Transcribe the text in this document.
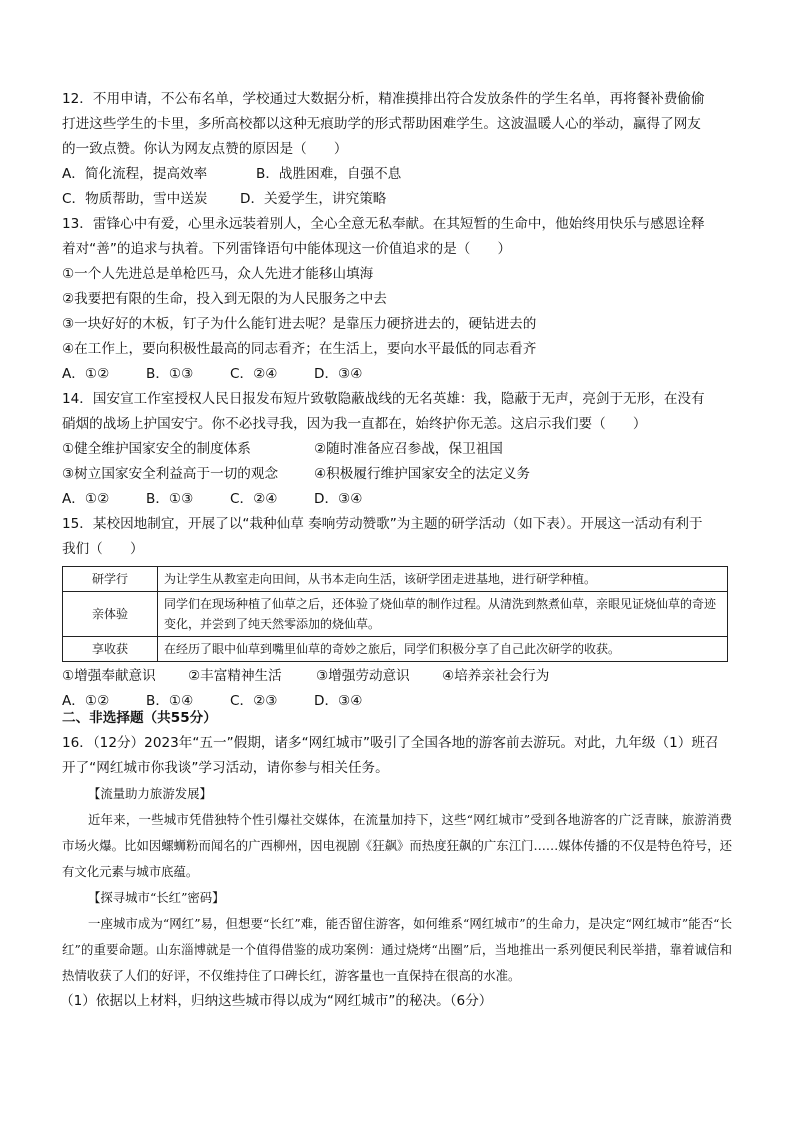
12．不用申请，不公布名单，学校通过大数据分析，精准摸排出符合发放条件的学生名单，再将餐补费偷偷

打进这些学生的卡里，多所高校都以这种无痕助学的形式帮助困难学生。这波温暖人心的举动，赢得了网友

的一致点赞。你认为网友点赞的原因是（　　）

A．简化流程，提高效率	B．战胜困难，自强不息
C．物质帮助，雪中送炭	D．关爱学生，讲究策略

13．雷锋心中有爱，心里永远装着别人，全心全意无私奉献。在其短暂的生命中，他始终用快乐与感恩诠释

着对“善”的追求与执着。下列雷锋语句中能体现这一价值追求的是（　　）

①一个人先进总是单枪匹马，众人先进才能移山填海

②我要把有限的生命，投入到无限的为人民服务之中去

③一块好好的木板，钉子为什么能钉进去呢？是靠压力硬挤进去的，硬钻进去的

④在工作上，要向积极性最高的同志看齐；在生活上，要向水平最低的同志看齐

A．①②	B．①③	C．②④	D．③④

14．国安宣工作室授权人民日报发布短片致敬隐蔽战线的无名英雄：我，隐蔽于无声，亮剑于无形，在没有

硝烟的战场上护国安宁。你不必找寻我，因为我一直都在，始终护你无恙。这启示我们要（　　）

①健全维护国家安全的制度体系	②随时准备应召参战，保卫祖国
③树立国家安全利益高于一切的观念	④积极履行维护国家安全的法定义务
A．①②	B．①③	C．②④	D．③④

15．某校因地制宜，开展了以“栽种仙草 奏响劳动赞歌”为主题的研学活动（如下表）。开展这一活动有利于

我们（　　）

研学行	为让学生从教室走向田间，从书本走向生活，该研学团走进基地，进行研学种植。
亲体验	同学们在现场种植了仙草之后，还体验了烧仙草的制作过程。从清洗到熬煮仙草，亲眼见证烧仙草的奇迹变化，并尝到了纯天然零添加的烧仙草。
享收获	在经历了眼中仙草到嘴里仙草的奇妙之旅后，同学们积极分享了自己此次研学的收获。
①增强奉献意识	②丰富精神生活	③增强劳动意识	④培养亲社会行为
A．①②	B．①④	C．②③	D．③④
二、非选择题（共55分）

16．（12分）2023年“五一”假期，诸多“网红城市”吸引了全国各地的游客前去游玩。对此，九年级（1）班召

开了“网红城市你我谈”学习活动，请你参与相关任务。

【流量助力旅游发展】

近年来，一些城市凭借独特个性引爆社交媒体，在流量加持下，这些“网红城市”受到各地游客的广泛青睐，旅游消费市场火爆。比如因螺蛳粉而闻名的广西柳州，因电视剧《狂飙》而热度狂飙的广东江门……媒体传播的不仅是特色符号，还有文化元素与城市底蕴。

【探寻城市“长红”密码】

一座城市成为“网红”易，但想要“长红”难，能否留住游客，如何维系“网红城市”的生命力，是决定“网红城市”能否“长红”的重要命题。山东淄博就是一个值得借鉴的成功案例：通过烧烤“出圈”后，当地推出一系列便民利民举措，靠着诚信和热情收获了人们的好评，不仅维持住了口碑长红，游客量也一直保持在很高的水准。

（1）依据以上材料，归纳这些城市得以成为“网红城市”的秘决。（6分）
